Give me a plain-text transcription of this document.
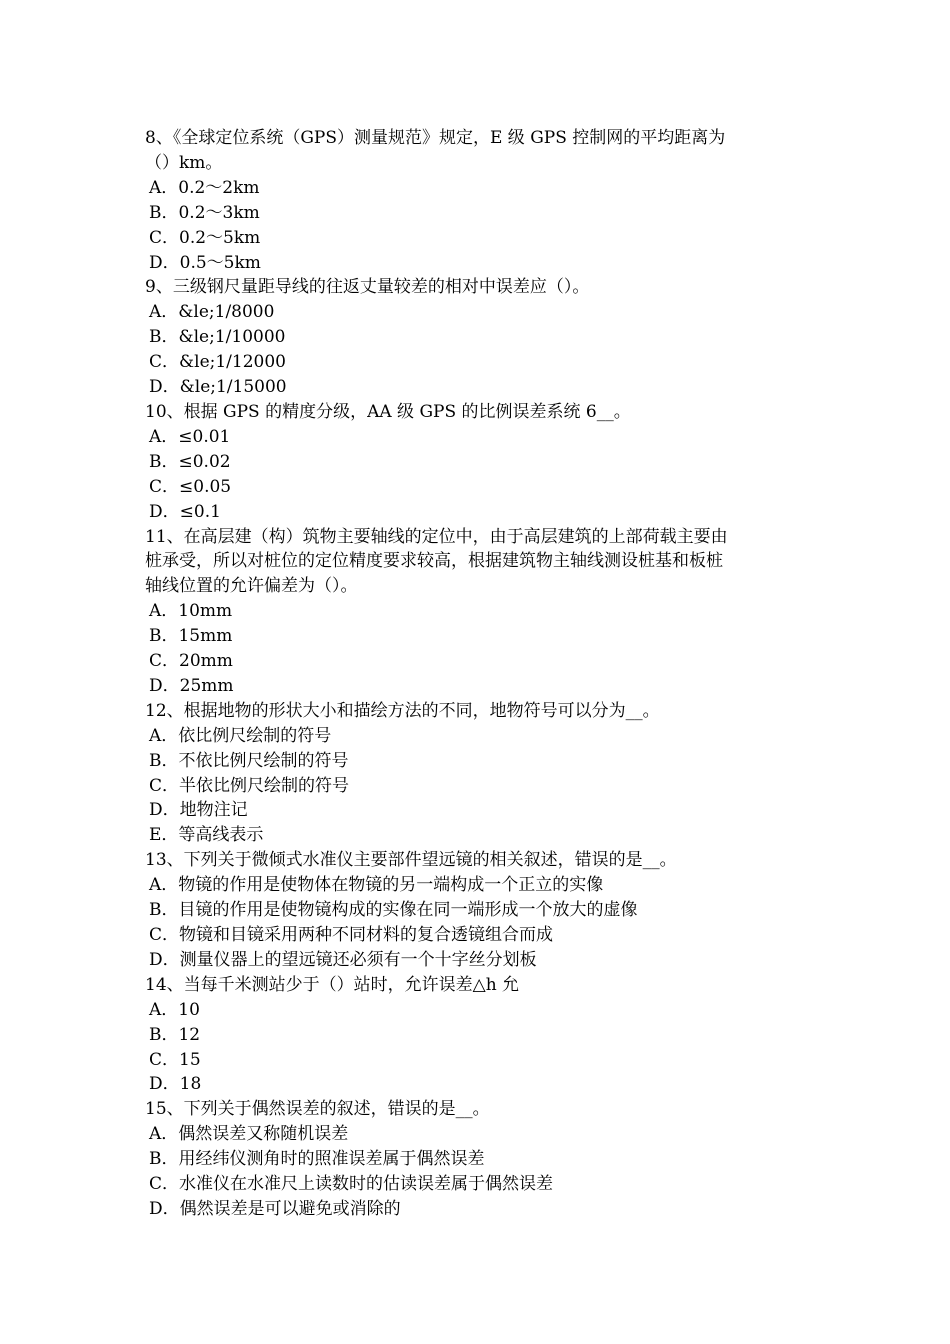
8、《全球定位系统（GPS）测量规范》规定，E 级 GPS 控制网的平均距离为

（）km。

A．0.2～2km

B．0.2～3km

C．0.2～5km

D．0.5～5km

9、三级钢尺量距导线的往返丈量较差的相对中误差应（）。

A．&le;1/8000

B．&le;1/10000

C．&le;1/12000

D．&le;1/15000

10、根据 GPS 的精度分级，AA 级 GPS 的比例误差系统 6__。

A．≤0.01

B．≤0.02

C．≤0.05

D．≤0.1

11、在高层建（构）筑物主要轴线的定位中，由于高层建筑的上部荷载主要由

桩承受，所以对桩位的定位精度要求较高，根据建筑物主轴线测设桩基和板桩

轴线位置的允许偏差为（）。

A．10mm

B．15mm

C．20mm

D．25mm

12、根据地物的形状大小和描绘方法的不同，地物符号可以分为__。

A．依比例尺绘制的符号

B．不依比例尺绘制的符号

C．半依比例尺绘制的符号

D．地物注记

E．等高线表示

13、下列关于微倾式水准仪主要部件望远镜的相关叙述，错误的是__。

A．物镜的作用是使物体在物镜的另一端构成一个正立的实像

B．目镜的作用是使物镜构成的实像在同一端形成一个放大的虚像

C．物镜和目镜采用两种不同材料的复合透镜组合而成

D．测量仪器上的望远镜还必须有一个十字丝分划板

14、当每千米测站少于（）站时，允许误差△h 允

A．10

B．12

C．15

D．18

15、下列关于偶然误差的叙述，错误的是__。

A．偶然误差又称随机误差

B．用经纬仪测角时的照准误差属于偶然误差

C．水准仪在水准尺上读数时的估读误差属于偶然误差

D．偶然误差是可以避免或消除的
